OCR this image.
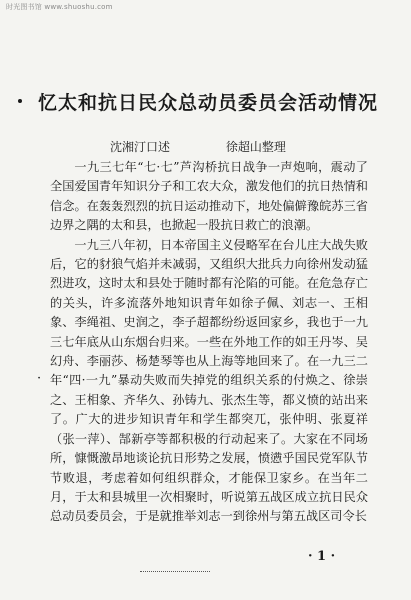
时光图书馆 www.shuoshu.com
忆太和抗日民众总动员委员会活动情况
沈湘汀口述	徐超山整理

一九三七年“七·七”芦沟桥抗日战争一声炮响，震动了全国爱国青年知识分子和工农大众，激发他们的抗日热情和信念。在轰轰烈烈的抗日运动推动下，地处偏僻豫皖苏三省边界之隅的太和县，也掀起一股抗日救亡的浪潮。

一九三八年初，日本帝国主义侵略军在台儿庄大战失败后，它的豺狼气焰并未减弱，又组织大批兵力向徐州发动猛烈进攻，这时太和县处于随时都有沦陷的可能。在危急存亡的关头，许多流落外地知识青年如徐子佩、刘志一、王相象、李绳祖、史润之，李子超都纷纷返回家乡，我也于一九三七年底从山东烟台归来。一些在外地工作的如王丹岑、吴幻舟、李丽莎、杨楚琴等也从上海等地回来了。在一九三二年“四·一九”暴动失败而失掉党的组织关系的付焕之、徐崇之、王相象、齐华久、孙铸九、张杰生等，都义愤的站出来了。广大的进步知识青年和学生都突兀，张仲明、张夏祥（张一萍）、郜新亭等都积极的行动起来了。大家在不同场所，慷慨激昂地谈论抗日形势之发展，愤懑乎国民党军队节节败退，考虑着如何组织群众，才能保卫家乡。在当年二月，于太和县城里一次相聚时，听说第五战区成立抗日民众总动员委员会，于是就推举刘志一到徐州与第五战区司令长

·
· 1 ·
